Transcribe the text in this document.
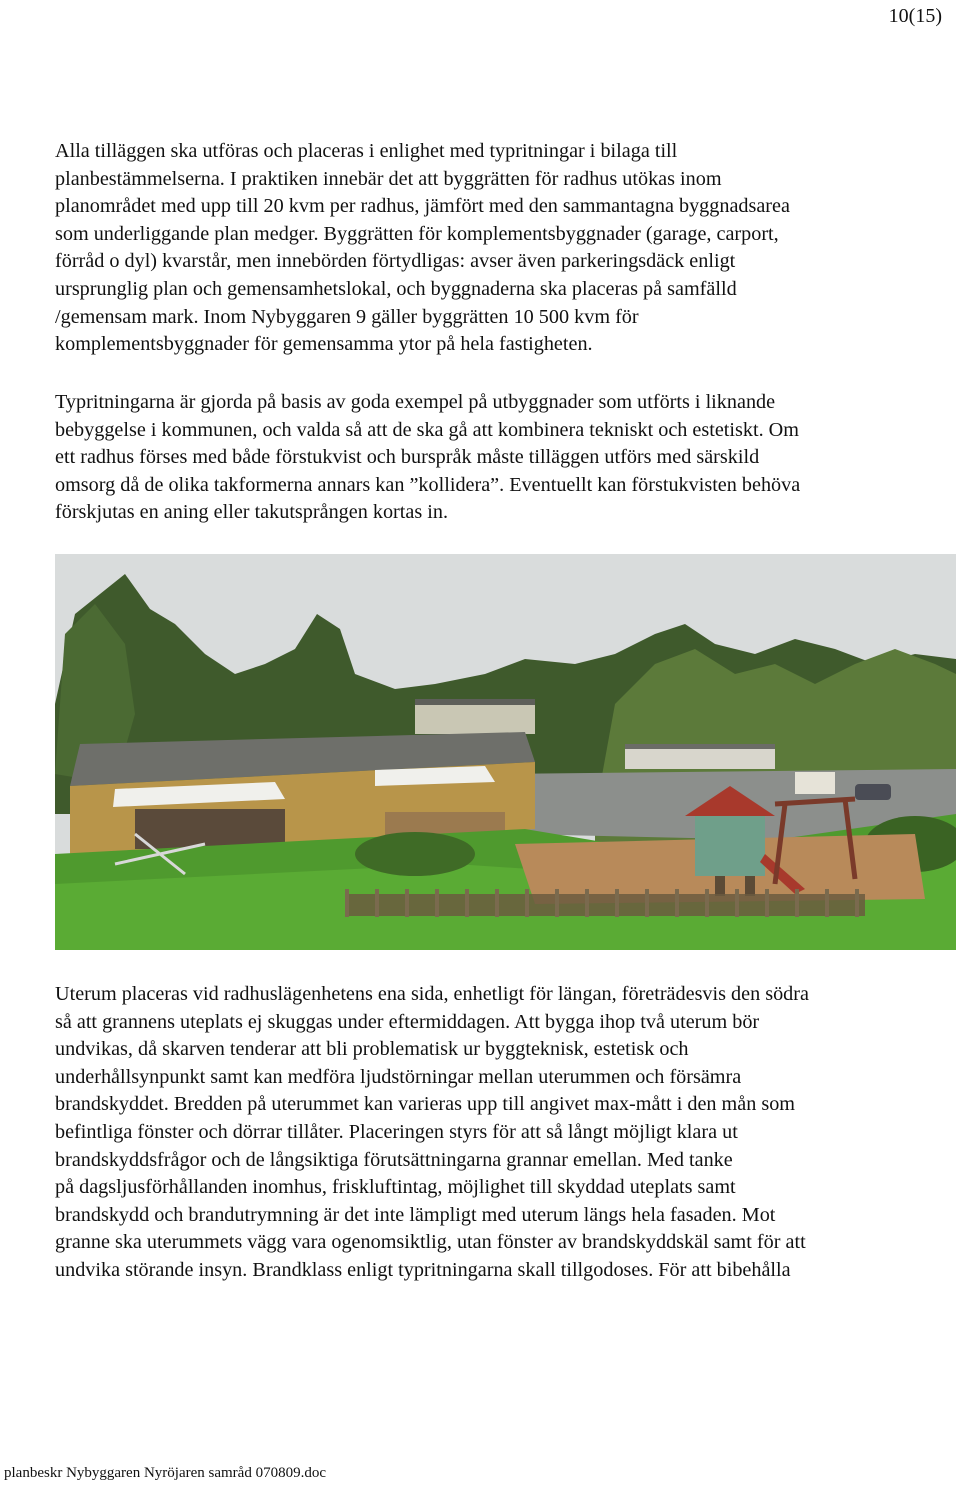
10(15)

Alla tilläggen ska utföras och placeras i enlighet med typritningar i bilaga till
planbestämmelserna. I praktiken innebär det att byggrätten för radhus utökas inom
planområdet med upp till 20 kvm per radhus, jämfört med den sammantagna byggnadsarea
som underliggande plan medger. Byggrätten för komplementsbyggnader (garage, carport,
förråd o dyl) kvarstår, men innebörden förtydligas: avser även parkeringsdäck enligt
ursprunglig plan och gemensamhetslokal, och byggnaderna ska placeras på samfälld
/gemensam mark. Inom Nybyggaren 9 gäller byggrätten 10 500 kvm för
komplementsbyggnader för gemensamma ytor på hela fastigheten.

Typritningarna är gjorda på basis av goda exempel på utbyggnader som utförts i liknande
bebyggelse i kommunen, och valda så att de ska gå att kombinera tekniskt och estetiskt. Om
ett radhus förses med både förstukvist och burspråk måste tilläggen utförs med särskild
omsorg då de olika takformerna annars kan ”kollidera”. Eventuellt kan förstukvisten behöva
förskjutas en aning eller takutsprången kortas in.

Uterum placeras vid radhuslägenhetens ena sida, enhetligt för längan, företrädesvis den södra
så att grannens uteplats ej skuggas under eftermiddagen. Att bygga ihop två uterum bör
undvikas, då skarven tenderar att bli problematisk ur byggteknisk, estetisk och
underhållsynpunkt samt kan medföra ljudstörningar mellan uterummen och försämra
brandskyddet. Bredden på uterummet kan varieras upp till angivet max-mått i den mån som
befintliga fönster och dörrar tillåter. Placeringen styrs för att så långt möjligt klara ut
brandskyddsfrågor och de långsiktiga förutsättningarna grannar emellan. Med tanke
på dagsljusförhållanden inomhus, friskluftintag, möjlighet till skyddad uteplats samt
brandskydd och brandutrymning är det inte lämpligt med uterum längs hela fasaden. Mot
granne ska uterummets vägg vara ogenomsiktlig, utan fönster av brandskyddskäl samt för att
undvika störande insyn. Brandklass enligt typritningarna skall tillgodoses. För att bibehålla

planbeskr Nybyggaren Nyröjaren samråd 070809.doc
